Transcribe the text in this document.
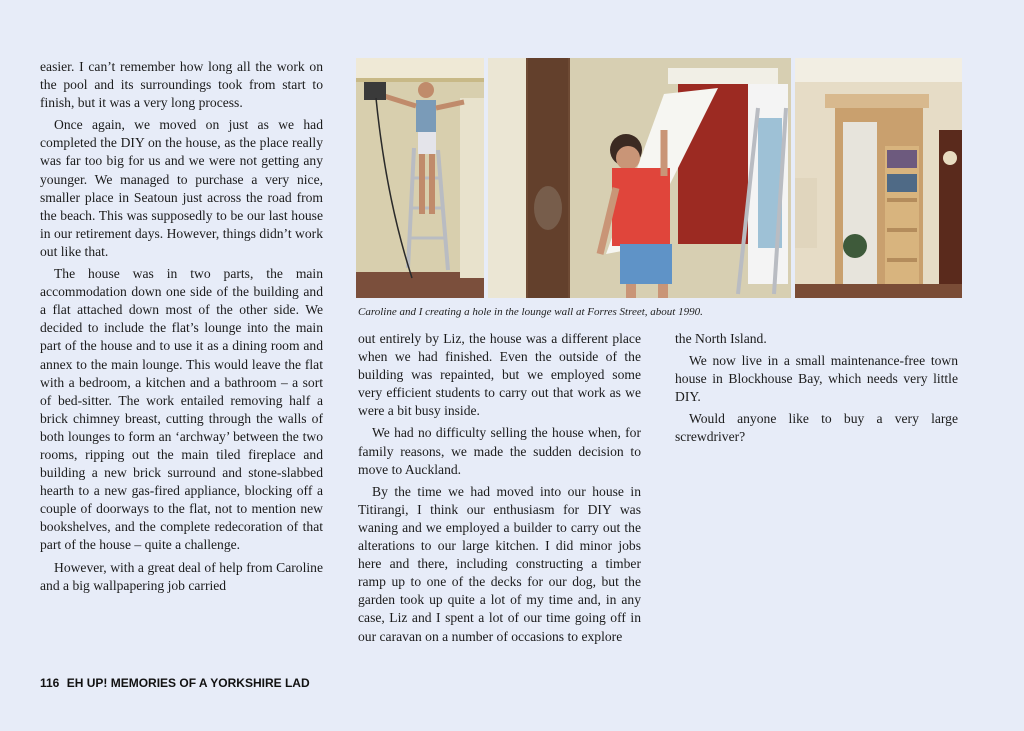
easier. I can’t remember how long all the work on the pool and its surroundings took from start to finish, but it was a very long process.

Once again, we moved on just as we had completed the DIY on the house, as the place really was far too big for us and we were not getting any younger. We managed to purchase a very nice, smaller place in Seatoun just across the road from the beach. This was supposedly to be our last house in our retirement days. However, things didn’t work out like that.

The house was in two parts, the main accommodation down one side of the building and a flat attached down most of the other side. We decided to include the flat’s lounge into the main part of the house and to use it as a dining room and annex to the main lounge. This would leave the flat with a bedroom, a kitchen and a bathroom – a sort of bed-sitter. The work entailed removing half a brick chimney breast, cutting through the walls of both lounges to form an ‘archway’ between the two rooms, ripping out the main tiled fireplace and building a new brick surround and stone-slabbed hearth to a new gas-fired appliance, blocking off a couple of doorways to the flat, not to mention new bookshelves, and the complete redecoration of that part of the house – quite a challenge.

However, with a great deal of help from Caroline and a big wallpapering job carried

Caroline and I creating a hole in the lounge wall at Forres Street, about 1990.

out entirely by Liz, the house was a different place when we had finished. Even the outside of the building was repainted, but we employed some very efficient students to carry out that work as we were a bit busy inside.

We had no difficulty selling the house when, for family reasons, we made the sudden decision to move to Auckland.

By the time we had moved into our house in Titirangi, I think our enthusiasm for DIY was waning and we employed a builder to carry out the alterations to our large kitchen. I did minor jobs here and there, including constructing a timber ramp up to one of the decks for our dog, but the garden took up quite a lot of my time and, in any case, Liz and I spent a lot of our time going off in our caravan on a number of occasions to explore

the North Island.

We now live in a small maintenance-free town house in Blockhouse Bay, which needs very little DIY.

Would anyone like to buy a very large screwdriver?

116 EH UP! MEMORIES OF A YORKSHIRE LAD
